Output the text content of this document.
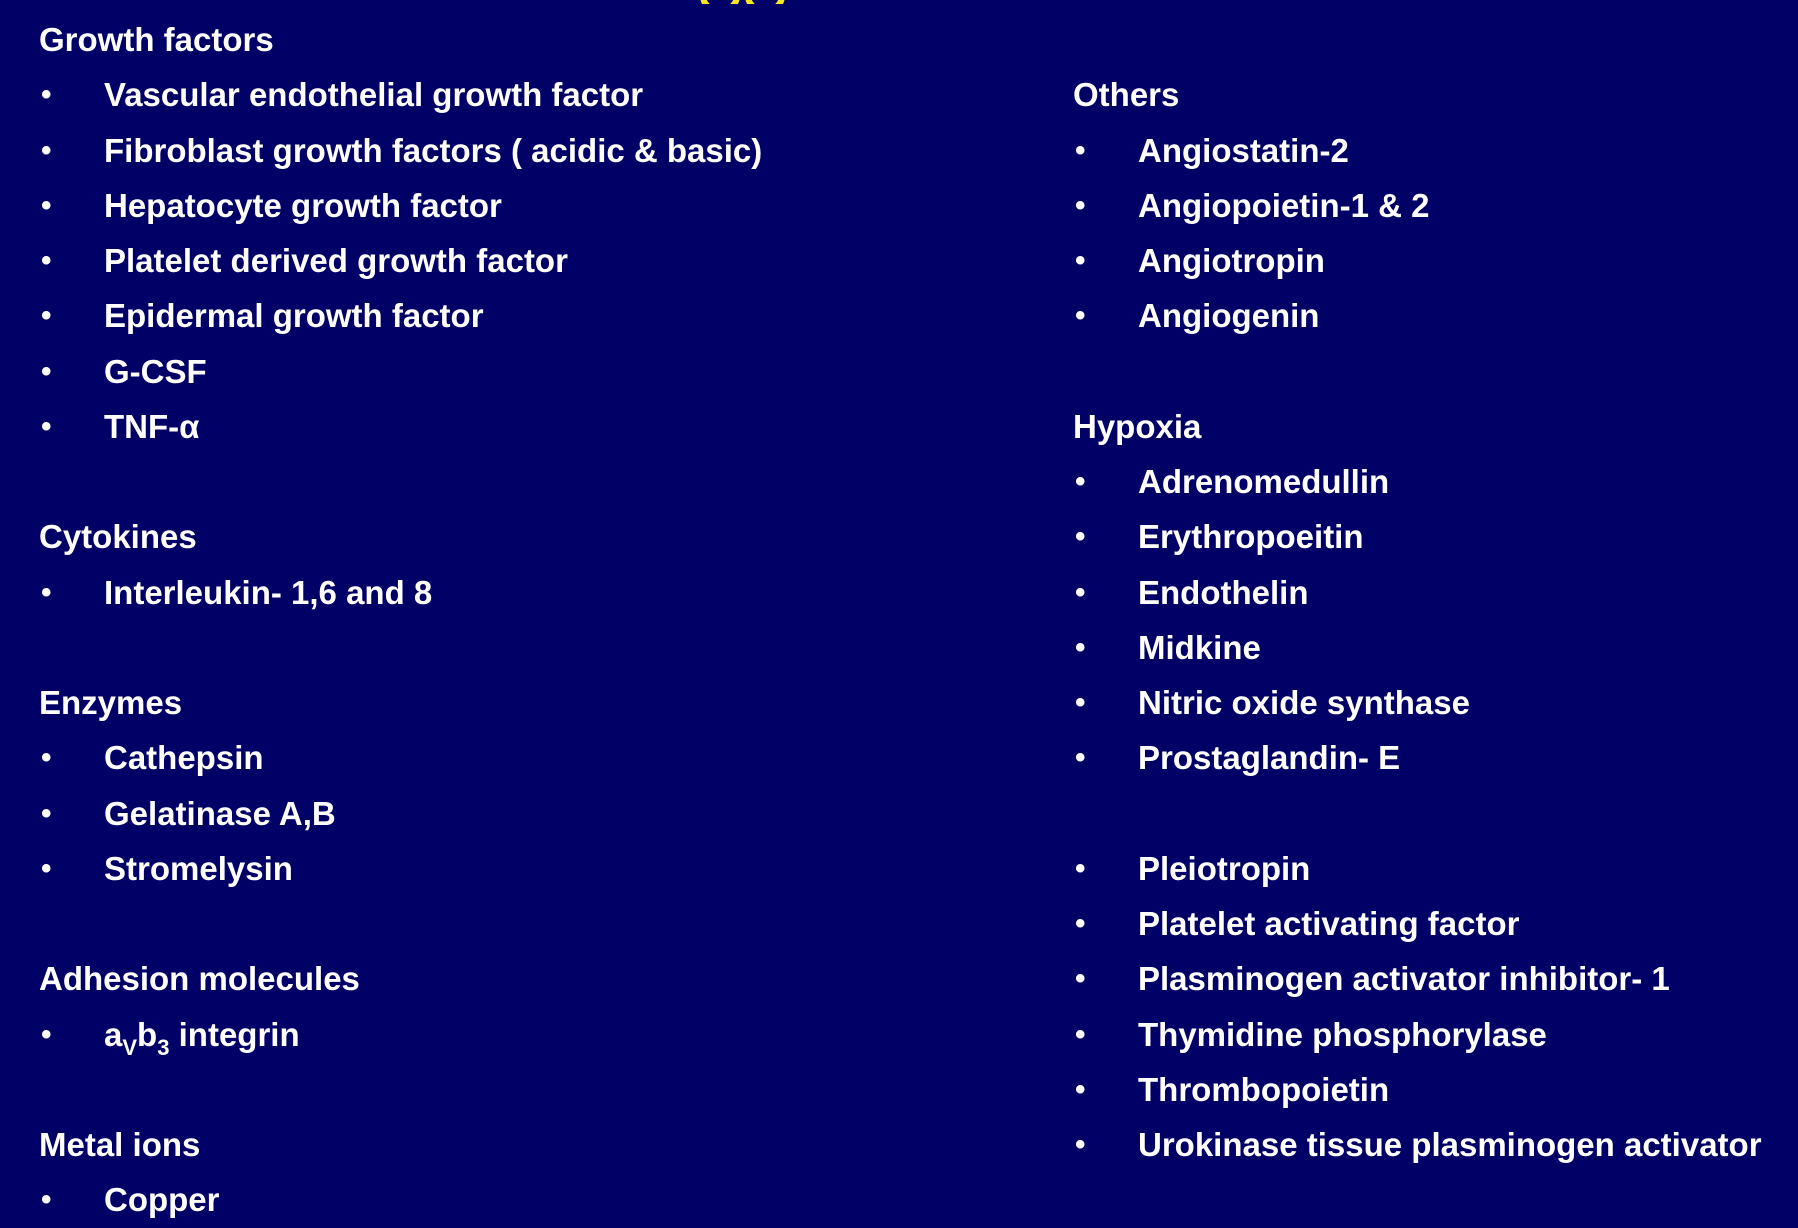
Growth factors
• Vascular endothelial growth factor
• Fibroblast growth factors ( acidic & basic)
• Hepatocyte growth factor
• Platelet derived growth factor
• Epidermal growth factor
• G-CSF
• TNF-α
Cytokines
• Interleukin- 1,6 and 8
Enzymes
• Cathepsin
• Gelatinase A,B
• Stromelysin
Adhesion molecules
• $a_Vb_3$ integrin
Metal ions
• Copper
Others
• Angiostatin-2
• Angiopoietin-1 & 2
• Angiotropin
• Angiogenin
Hypoxia
• Adrenomedullin
• Erythropoeitin
• Endothelin
• Midkine
• Nitric oxide synthase
• Prostaglandin- E
• Pleiotropin
• Platelet activating factor
• Plasminogen activator inhibitor- 1
• Thymidine phosphorylase
• Thrombopoietin
• Urokinase tissue plasminogen activator
